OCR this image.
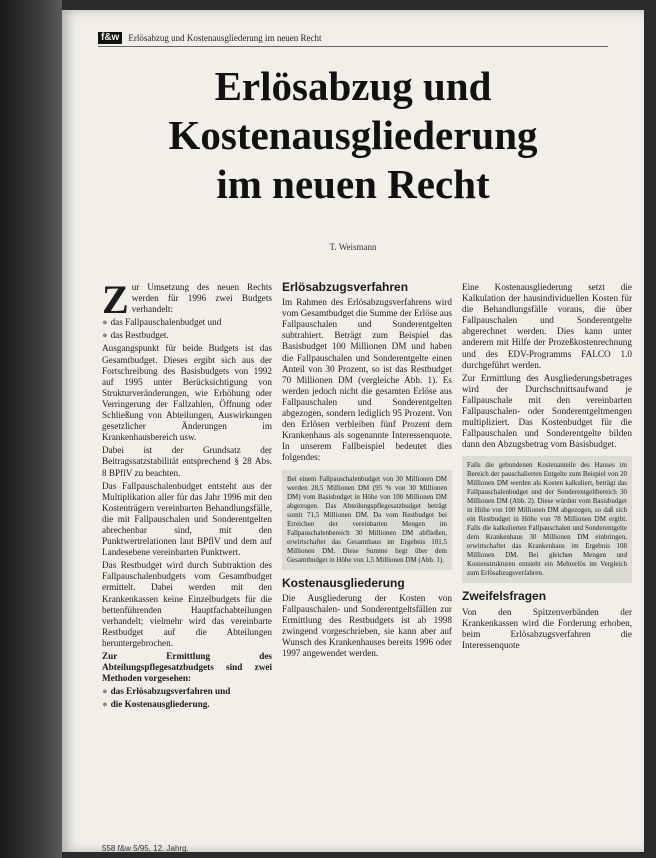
f&w	Erlösabzug und Kostenausgliederung im neuen Recht
Erlösabzug und
Kostenausgliederung
im neuen Recht
T. Weismann

Zur Umsetzung des neuen Rechts werden für 1996 zwei Budgets verhandelt:

● das Fallpauschalenbudget und

● das Restbudget.

Ausgangspunkt für beide Budgets ist das Gesamtbudget. Dieses ergibt sich aus der Fortschreibung des Basisbudgets von 1992 auf 1995 unter Berücksichtigung von Strukturveränderungen, wie Erhöhung oder Verringerung der Fallzahlen, Öffnung oder Schließung von Abteilungen, Auswirkungen gesetzlicher Änderungen im Krankenhausbereich usw.

Dabei ist der Grundsatz der Beitragssatzstabilität entsprechend § 28 Abs. 8 BPflV zu beachten.

Das Fallpauschalenbudget entsteht aus der Multiplikation aller für das Jahr 1996 mit den Kostenträgern vereinbarten Behandlungsfälle, die mit Fallpauschalen und Sonderentgelten abrechenbar sind, mit den Punktwertrelationen laut BPflV und dem auf Landesebene vereinbarten Punktwert.

Das Restbudget wird durch Subtraktion des Fallpauschalenbudgets vom Gesamtbudget ermittelt. Dabei werden mit den Krankenkassen keine Einzelbudgets für die bettenführenden Hauptfachabteilungen verhandelt; vielmehr wird das vereinbarte Restbudget auf die Abteilungen heruntergebrochen.

Zur Ermittlung des Abteilungspflegesatzbudgets sind zwei Methoden vorgesehen:

● das Erlösabzugsverfahren und

● die Kostenausgliederung.

Erlösabzugsverfahren

Im Rahmen des Erlösabzugsverfahrens wird vom Gesamtbudget die Summe der Erlöse aus Fallpauschalen und Sonderentgelten subtrahiert. Beträgt zum Beispiel das Basisbudget 100 Millionen DM und haben die Fallpauschalen und Sonderentgelte einen Anteil von 30 Prozent, so ist das Restbudget 70 Millionen DM (vergleiche Abb. 1). Es werden jedoch nicht die gesamten Erlöse aus Fallpauschalen und Sonderentgelten abgezogen, sondern lediglich 95 Prozent. Von den Erlösen verbleiben fünf Prozent dem Krankenhaus als sogenannte Interessenquote. In unserem Fallbeispiel bedeutet dies folgendes:

Bei einem Fallpauschalenbudget von 30 Millionen DM werden 28,5 Millionen DM (95 % von 30 Millionen DM) vom Basisbudget in Höhe von 100 Millionen DM abgezogen. Das Abteilungspflegesatzbudget beträgt somit 71,5 Millionen DM. Da vom Restbudget bei Erreichen der vereinbarten Mengen im Fallpauschalenbereich 30 Millionen DM abfließen, erwirtschaftet das Gesamthaus im Ergebnis 101,5 Millionen DM. Diese Summe liegt über dem Gesamtbudget in Höhe von 1,5 Millionen DM (Abb. 1).
Kostenausgliederung

Die Ausgliederung der Kosten von Fallpauschalen- und Sonderentgeltsfällen zur Ermittlung des Restbudgets ist ab 1998 zwingend vorgeschrieben, sie kann aber auf Wunsch des Krankenhauses bereits 1996 oder 1997 angewendet werden.

Eine Kostenausgliederung setzt die Kalkulation der hausindividuellen Kosten für die Behandlungsfälle voraus, die über Fallpauschalen und Sonderentgelte abgerechnet werden. Dies kann unter anderem mit Hilfe der Prozeßkostenrechnung und des EDV-Programms FALCO 1.0 durchgeführt werden.

Zur Ermittlung des Ausgliederungsbetrages wird der Durchschnittsaufwand je Fallpauschale mit den vereinbarten Fallpauschalen- oder Sonderentgeltmengen multipliziert. Das Kostenbudget für die Fallpauschalen und Sonderentgelte bilden dann den Abzugsbetrag vom Basisbudget.

Falls die gebundenen Kostenanteile des Hauses im Bereich der pauschalierten Entgelte zum Beispiel von 20 Millionen DM werden als Kosten kalkuliert, beträgt das Fallpauschalenbudget und der Sonderentgeltbereich 30 Millionen DM (Abb. 2). Diese würden vom Basisbudget in Höhe von 100 Millionen DM abgezogen, so daß sich ein Restbudget in Höhe von 78 Millionen DM ergibt. Falls die kalkulierten Fallpauschalen und Sonderentgelte dem Krankenhaus 30 Millionen DM einbringen, erwirtschaftet das Krankenhaus im Ergebnis 108 Millionen DM. Bei gleichen Mengen und Kostenstrukturen entsteht ein Mehrerlös im Vergleich zum Erlösabzugsverfahren.
Zweifelsfragen

Von den Spitzenverbänden der Krankenkassen wird die Forderung erhoben, beim Erlösabzugsverfahren die Interessenquote

558 f&w 5/95, 12. Jahrg.
